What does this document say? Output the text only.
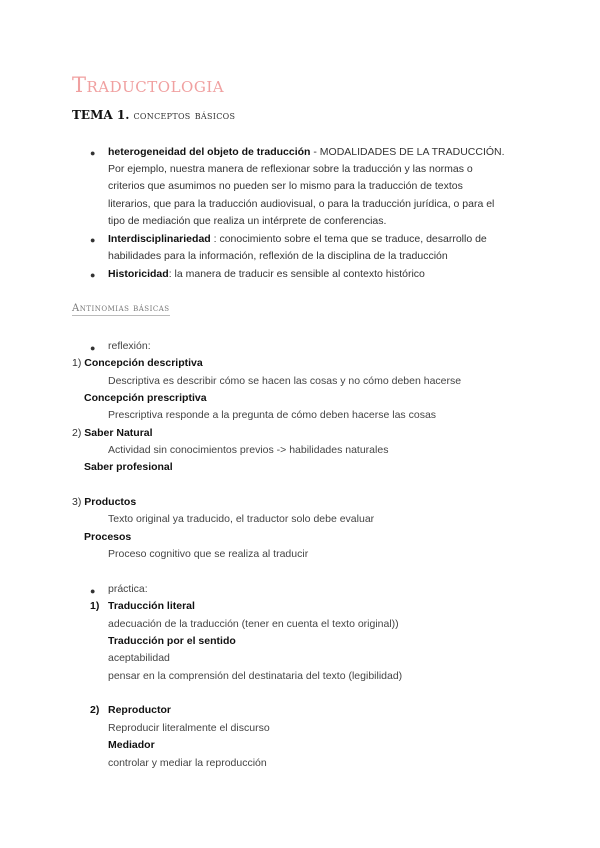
Traductologia
TEMA 1. conceptos básicos
● heterogeneidad del objeto de traducción - MODALIDADES DE LA TRADUCCIÓN.
Por ejemplo, nuestra manera de reflexionar sobre la traducción y las normas o
criterios que asumimos no pueden ser lo mismo para la traducción de textos
literarios, que para la traducción audiovisual, o para la traducción jurídica, o para el
tipo de mediación que realiza un intérprete de conferencias.
● Interdisciplinariedad : conocimiento sobre el tema que se traduce, desarrollo de
habilidades para la información, reflexión de la disciplina de la traducción
● Historicidad: la manera de traducir es sensible al contexto histórico
Antinomias básicas
● reflexión:
1) Concepción descriptiva
Descriptiva es describir cómo se hacen las cosas y no cómo deben hacerse
Concepción prescriptiva
Prescriptiva responde a la pregunta de cómo deben hacerse las cosas
2) Saber Natural
Actividad sin conocimientos previos -> habilidades naturales
Saber profesional
3) Productos
Texto original ya traducido, el traductor solo debe evaluar
Procesos
Proceso cognitivo que se realiza al traducir
● práctica:
1) Traducción literal
adecuación de la traducción (tener en cuenta el texto original))
Traducción por el sentido
aceptabilidad
pensar en la comprensión del destinataria del texto (legibilidad)
2) Reproductor
Reproducir literalmente el discurso
Mediador
controlar y mediar la reproducción
